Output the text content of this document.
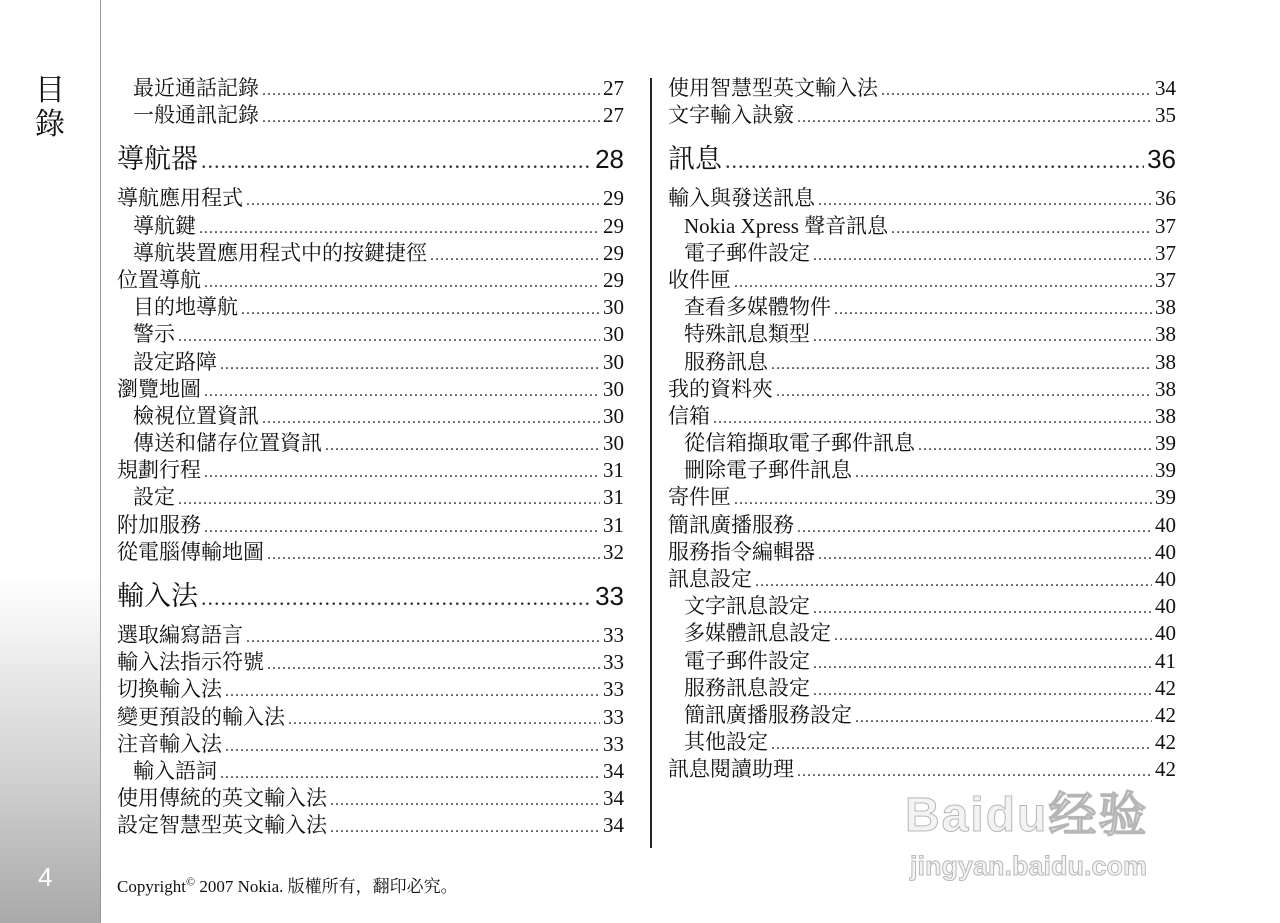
目
錄
4
最近通話記錄 .....	27
一般通訊記錄 .....	27
導航器 .....	28
導航應用程式 .....	29
導航鍵 .....	29
導航裝置應用程式中的按鍵捷徑 .....	29
位置導航 .....	29
目的地導航 .....	30
警示 .....	30
設定路障 .....	30
瀏覽地圖 .....	30
檢視位置資訊 .....	30
傳送和儲存位置資訊 .....	30
規劃行程 .....	31
設定 .....	31
附加服務 .....	31
從電腦傳輸地圖 .....	32
輸入法 .....	33
選取編寫語言 .....	33
輸入法指示符號 .....	33
切換輸入法 .....	33
變更預設的輸入法 .....	33
注音輸入法 .....	33
輸入語詞 .....	34
使用傳統的英文輸入法 .....	34
設定智慧型英文輸入法 .....	34
使用智慧型英文輸入法 .....	34
文字輸入訣竅 .....	35
訊息 .....	36
輸入與發送訊息 .....	36
Nokia Xpress 聲音訊息 .....	37
電子郵件設定 .....	37
收件匣 .....	37
查看多媒體物件 .....	38
特殊訊息類型 .....	38
服務訊息 .....	38
我的資料夾 .....	38
信箱 .....	38
從信箱擷取電子郵件訊息 .....	39
刪除電子郵件訊息 .....	39
寄件匣 .....	39
簡訊廣播服務 .....	40
服務指令編輯器 .....	40
訊息設定 .....	40
文字訊息設定 .....	40
多媒體訊息設定 .....	40
電子郵件設定 .....	41
服務訊息設定 .....	42
簡訊廣播服務設定 .....	42
其他設定 .....	42
訊息閱讀助理 .....	42
Copyright© 2007 Nokia. 版權所有，翻印必究。
Baidu经验
jingyan.baidu.com
